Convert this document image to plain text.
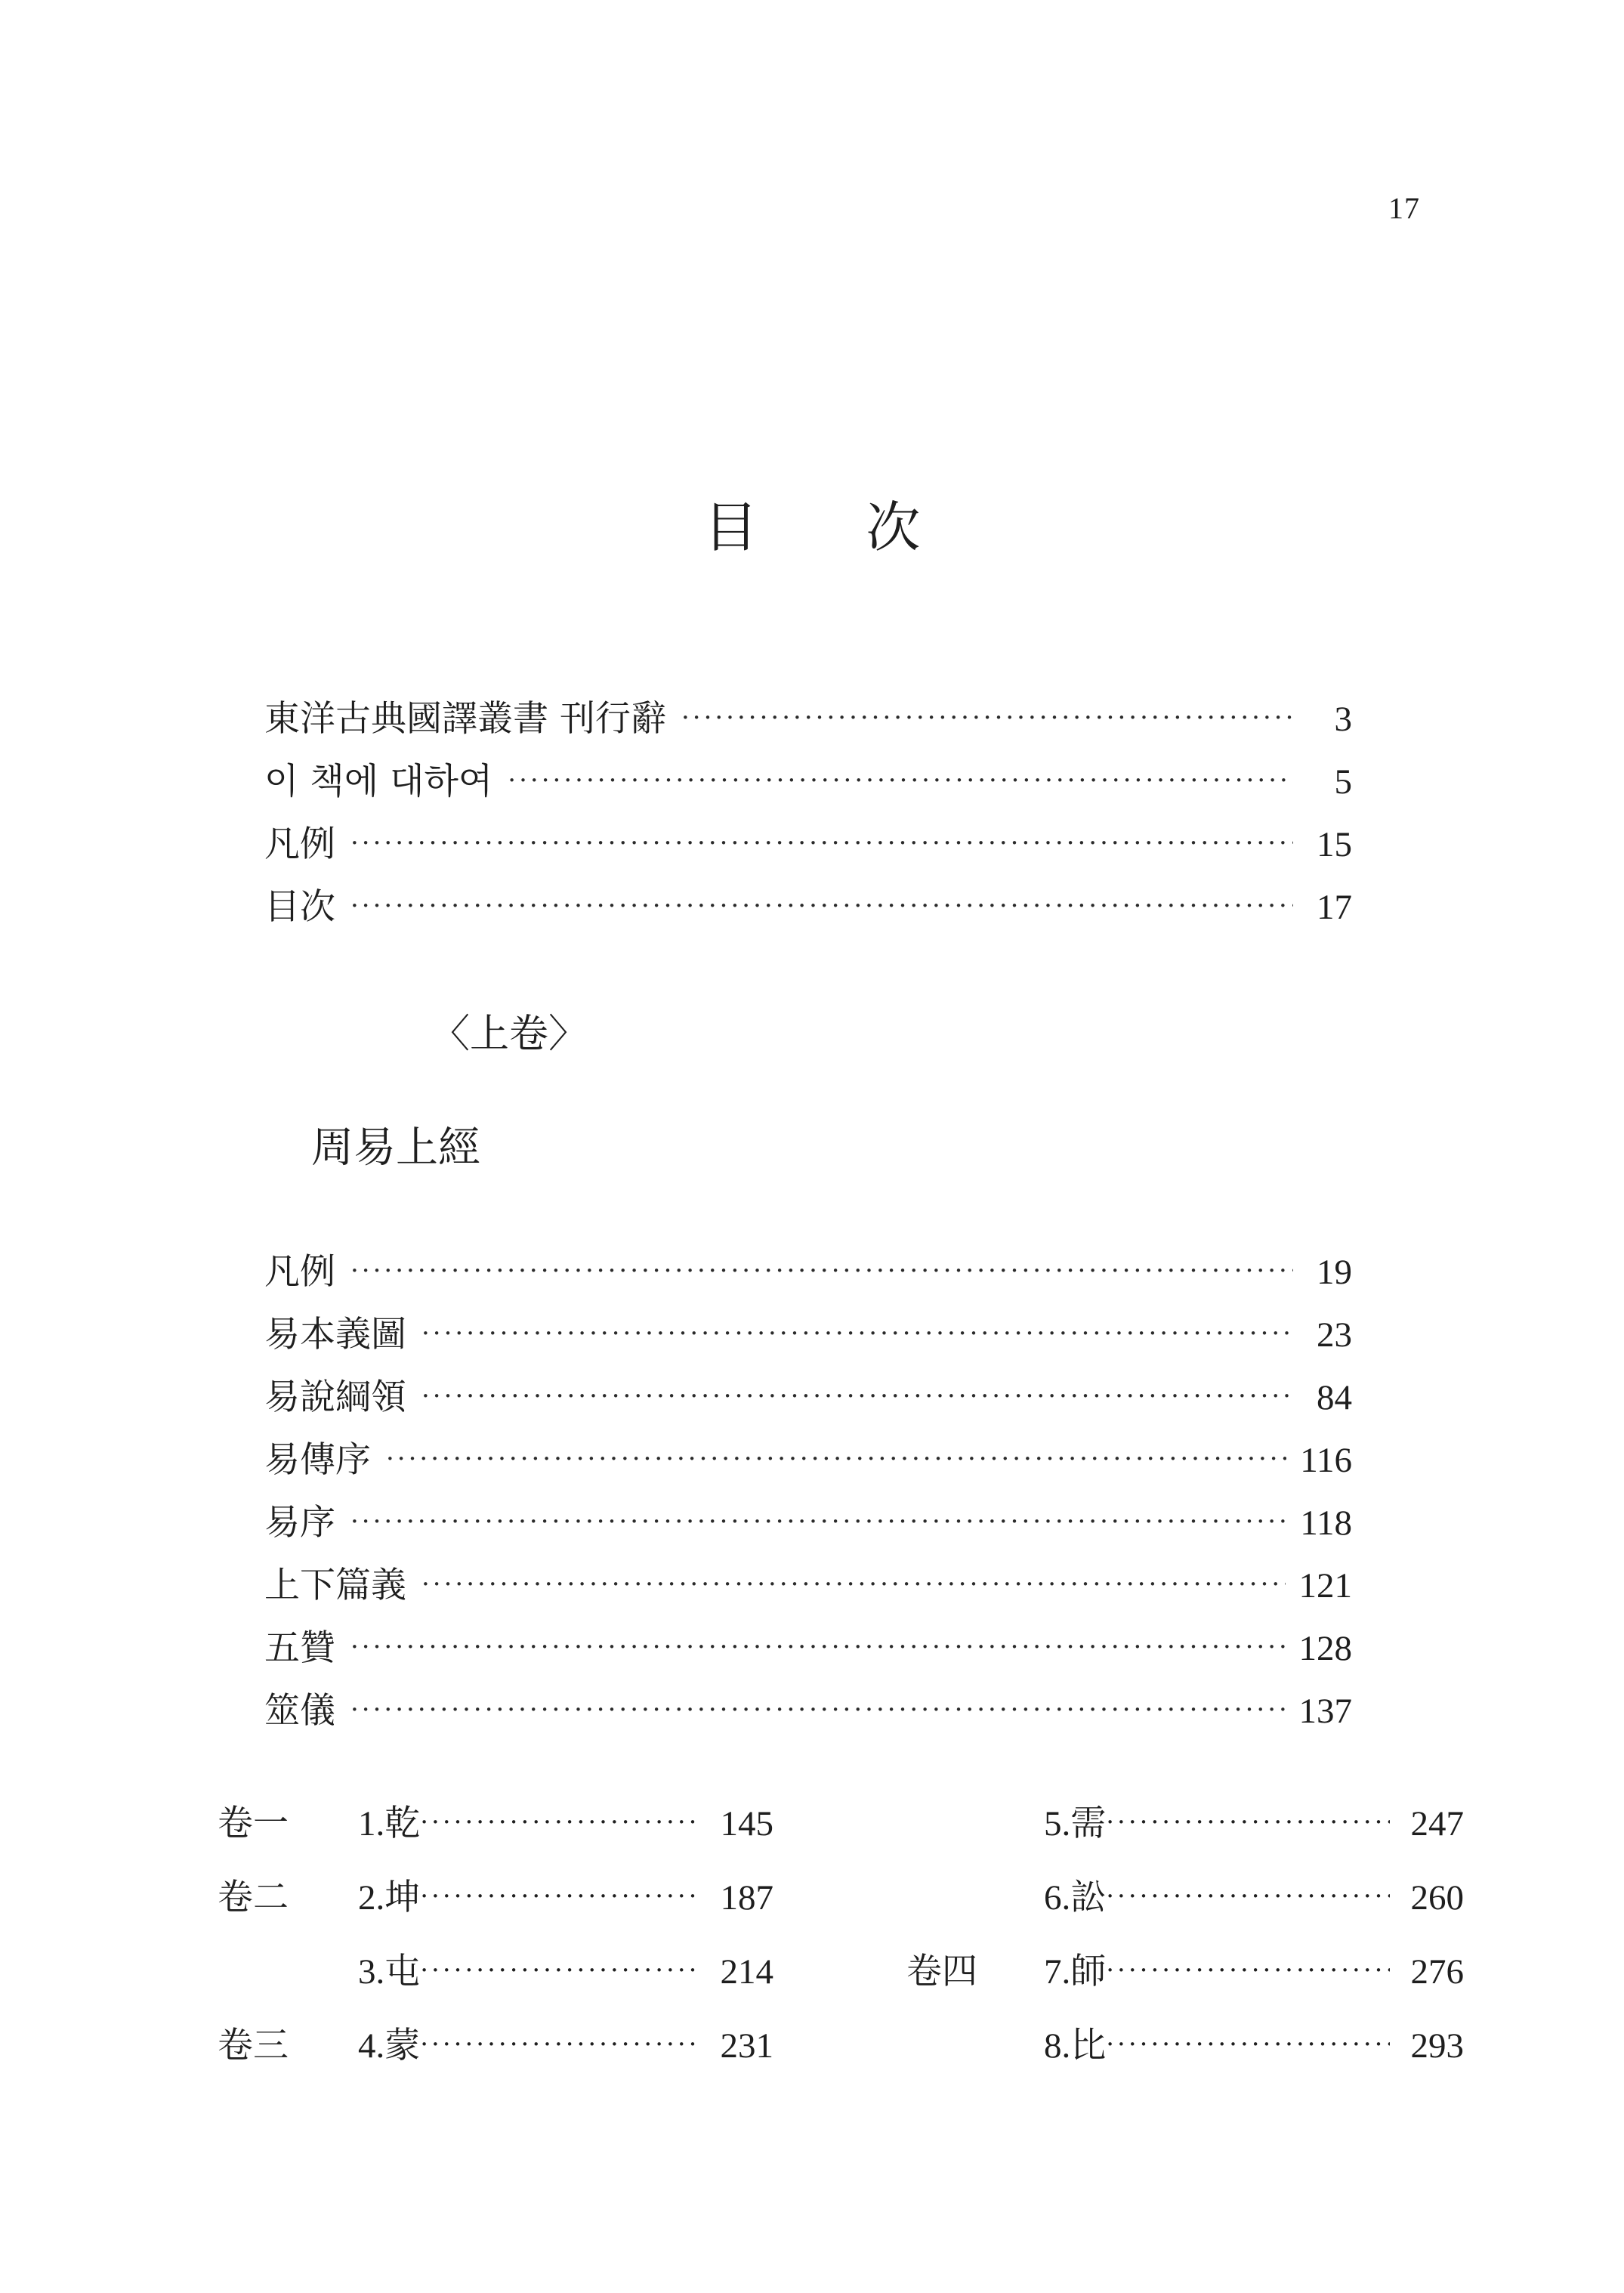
17
目 次
東洋古典國譯叢書 刊行辭 ·····	3
이 책에 대하여 ·····	5
凡例 ·····	15
目次 ·····	17
〈上卷〉
周易上經
凡例 ·····	19
易本義圖 ·····	23
易說綱領 ·····	84
易傳序 ·····	116
易序 ·····	118
上下篇義 ·····	121
五贊 ·····	128
筮儀 ·····	137
卷一 1. 乾 ·····	145	5. 需 ·····	247
卷二 2. 坤 ·····	187	6. 訟 ·····	260
3. 屯 ·····	214	卷四 7. 師 ·····	276
卷三 4. 蒙 ·····	231	8. 比 ·····	293
